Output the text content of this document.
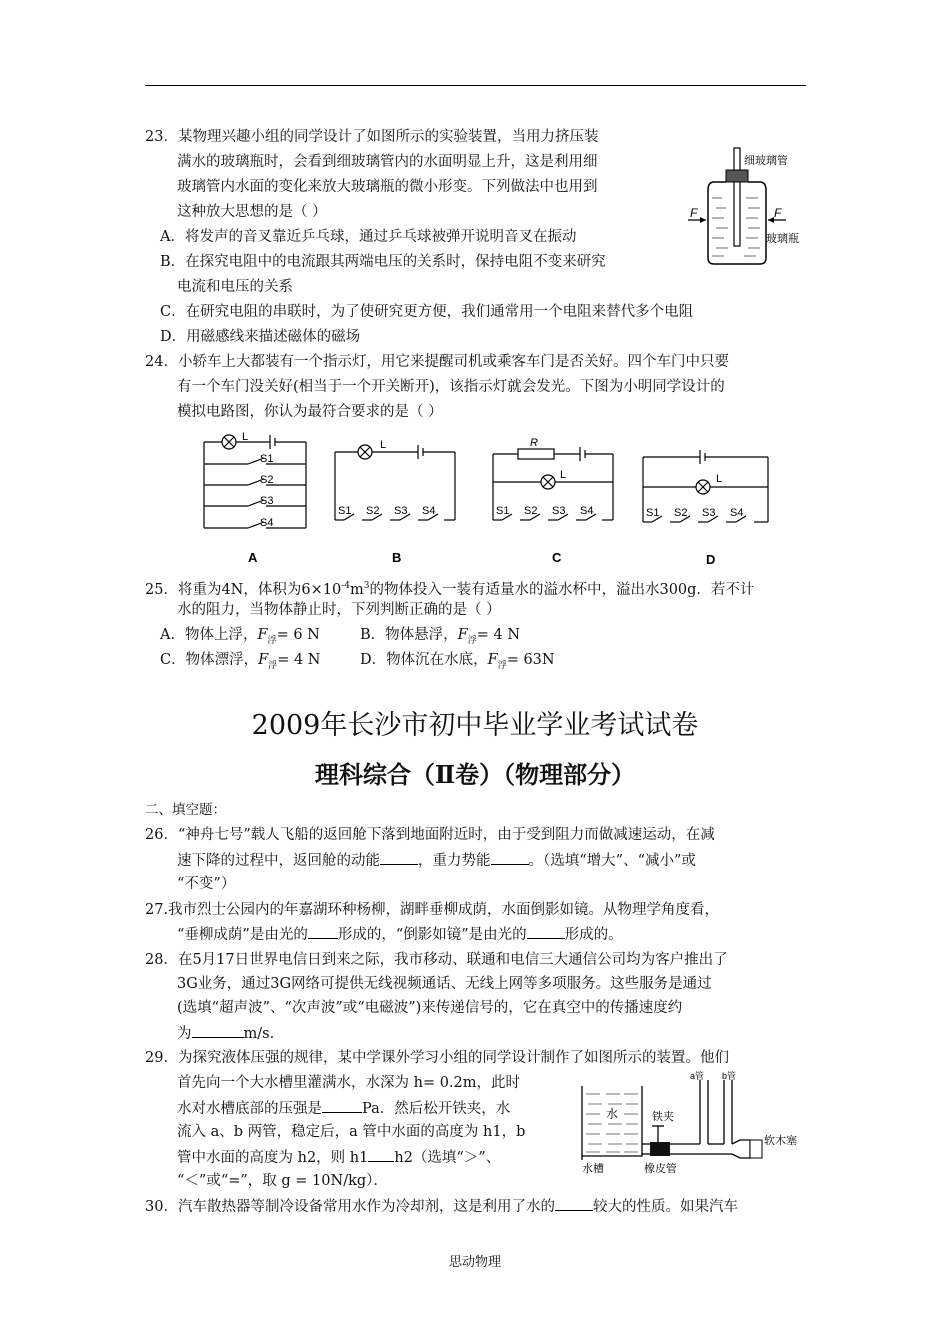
23．某物理兴趣小组的同学设计了如图所示的实验装置，当用力挤压装
满水的玻璃瓶时，会看到细玻璃管内的水面明显上升，这是利用细
玻璃管内水面的变化来放大玻璃瓶的微小形变。下列做法中也用到
这种放大思想的是（ ）
A．将发声的音叉靠近乒乓球，通过乒乓球被弹开说明音叉在振动
B．在探究电阻中的电流跟其两端电压的关系时，保持电阻不变来研究
电流和电压的关系
C．在研究电阻的串联时，为了使研究更方便，我们通常用一个电阻来替代多个电阻
D．用磁感线来描述磁体的磁场
F	F
细玻璃管
玻璃瓶
24．小轿车上大都装有一个指示灯，用它来提醒司机或乘客车门是否关好。四个车门中只要
有一个车门没关好(相当于一个开关断开)，该指示灯就会发光。下图为小明同学设计的
模拟电路图，你认为最符合要求的是（ ）
L
S1
S2
S3
S4
A
L
S1 S2 S3 S4
B
R
L
S1 S2 S3 S4
C
L
S1 S2 S3 S4
D
25．将重为4N，体积为$6\times 10^{-4}m^3$的物体投入一装有适量水的溢水杯中，溢出水300g．若不计
水的阻力，当物体静止时，下列判断正确的是（ ）
A．物体上浮，$F_浮= 6$ N	B．物体悬浮，$F_浮= 4$ N
C．物体漂浮，$F_浮= 4$ N	D．物体沉在水底，$F_浮= 63N$
2009年长沙市初中毕业学业考试试卷
理科综合（Ⅱ卷）（物理部分）
二、填空题：
26．“神舟七号”载人飞船的返回舱下落到地面附近时，由于受到阻力而做减速运动，在减
速下降的过程中，返回舱的动能	，重力势能	。（选填“增大”、“减小”或
“不变”）
27.我市烈士公园内的年嘉湖环种杨柳，湖畔垂柳成荫，水面倒影如镜。从物理学角度看，
“垂柳成荫”是由光的 形成的，“倒影如镜”是由光的	形成的。
28．在5月17日世界电信日到来之际，我市移动、联通和电信三大通信公司均为客户推出了
3G业务，通过3G网络可提供无线视频通话、无线上网等多项服务。这些服务是通过
(选填“超声波”、“次声波”或“电磁波”)来传递信号的，它在真空中的传播速度约
为	m/s.
29．为探究液体压强的规律，某中学课外学习小组的同学设计制作了如图所示的装置。他们
首先向一个大水槽里灌满水，水深为 h= 0.2m，此时
水对水槽底部的压强是	Pa．然后松开铁夹，水
流入 a、b 两管，稳定后，a 管中水面的高度为 h1，b
管中水面的高度为 h2，则 h1 h2（选填“＞”、
“＜”或“=”，取 g = 10N/kg）．
水
水槽
铁夹
橡皮管
软木塞
a管 b管
30．汽车散热器等制冷设备常用水作为冷却剂，这是利用了水的	较大的性质。如果汽车
思动物理
